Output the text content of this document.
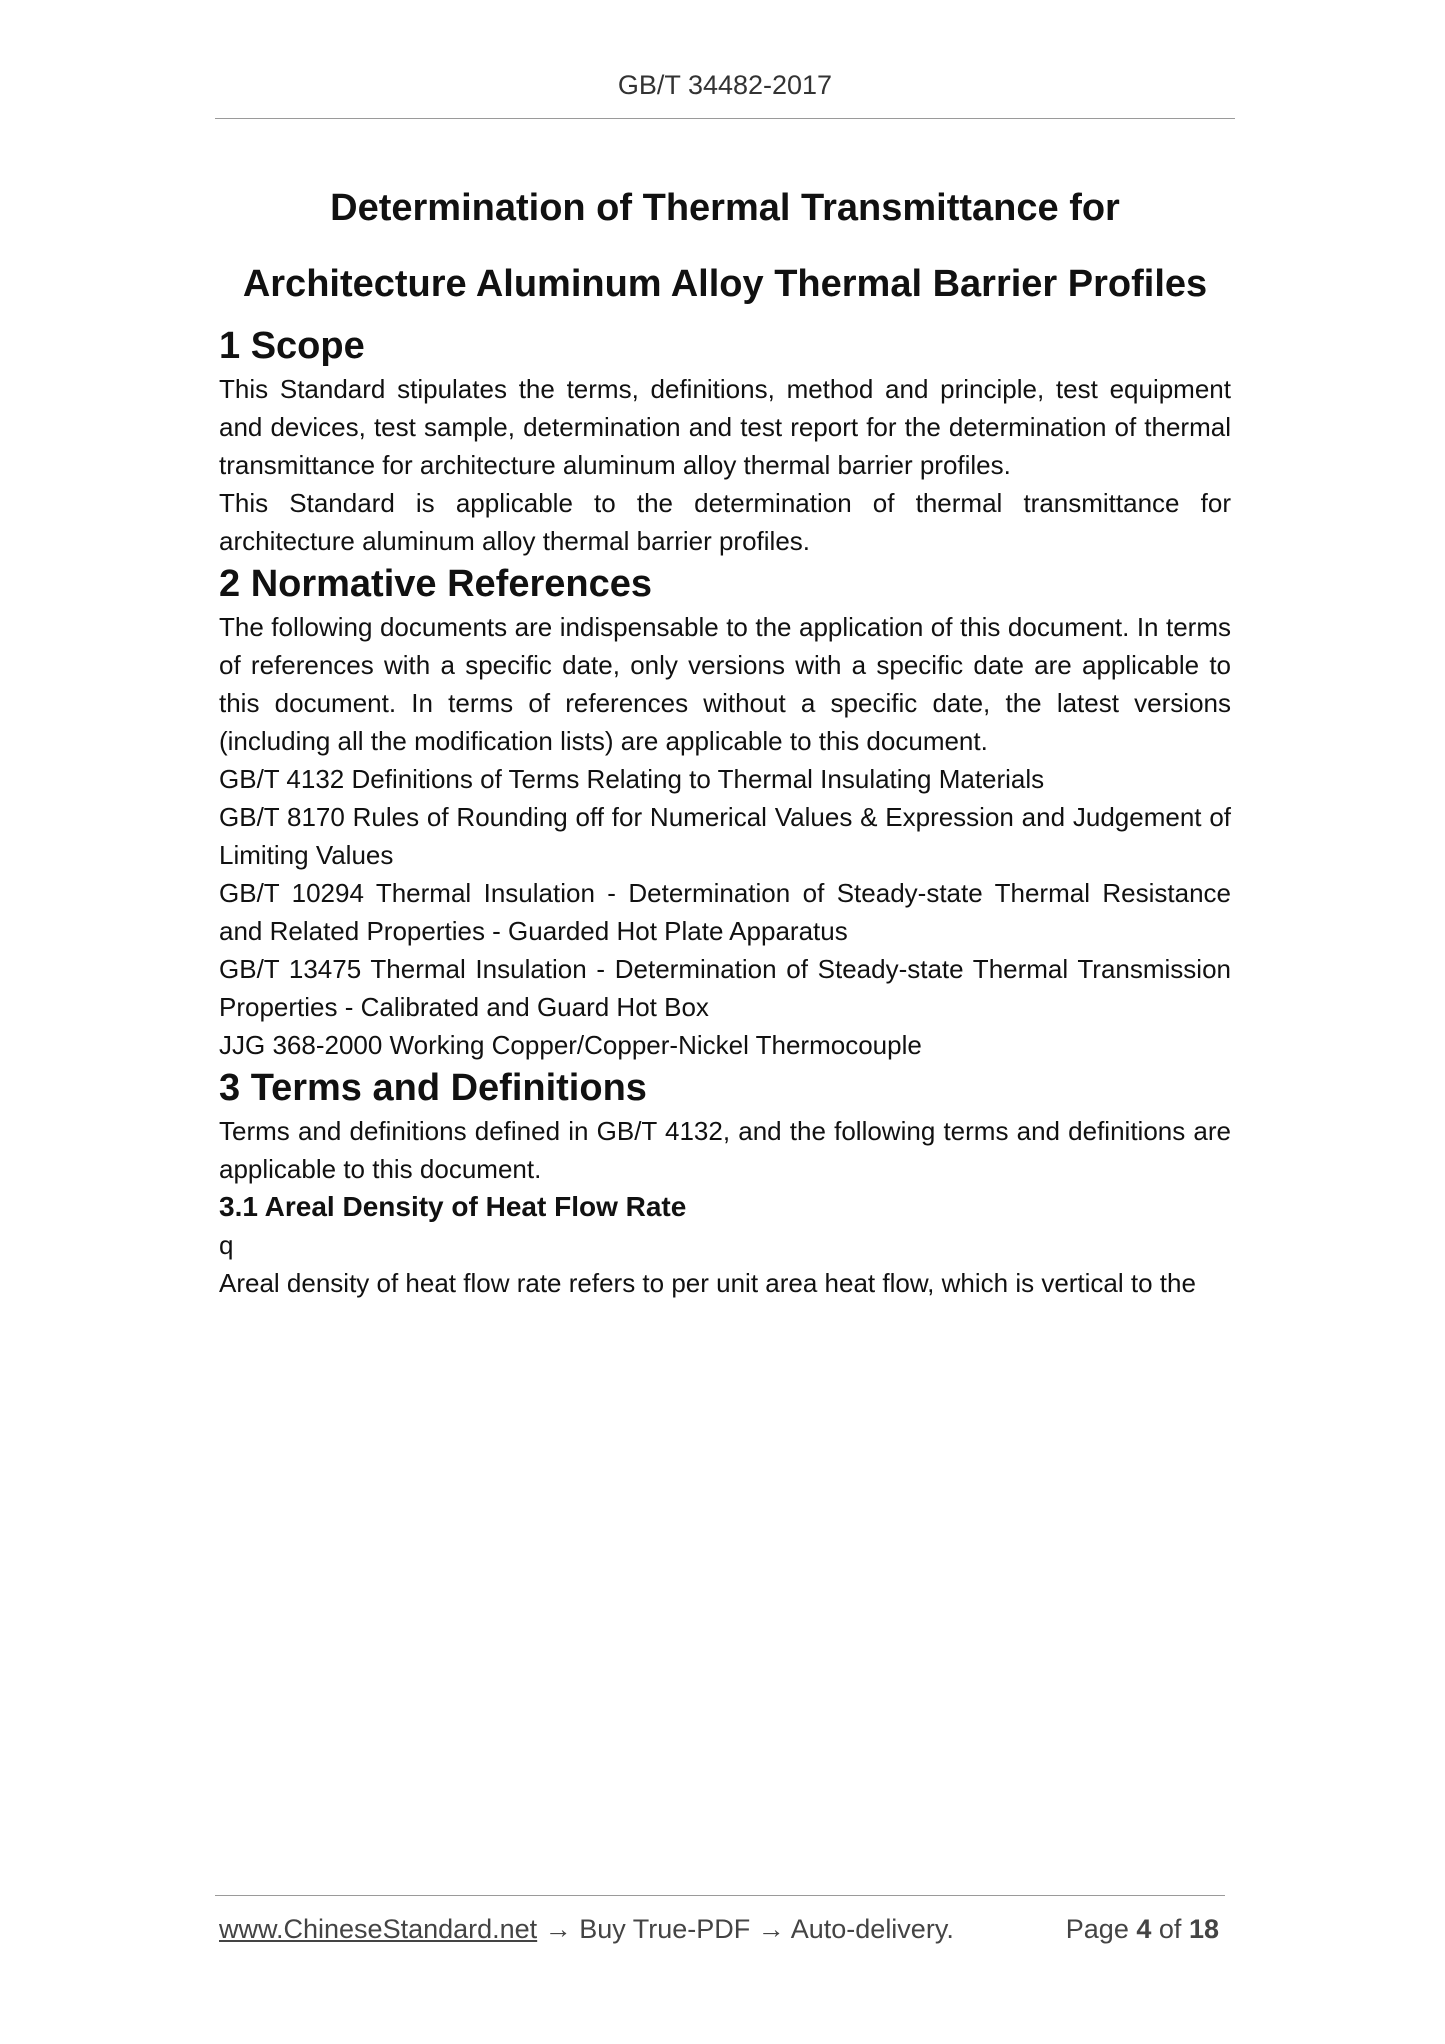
GB/T 34482-2017

Determination of Thermal Transmittance for

Architecture Aluminum Alloy Thermal Barrier Profiles

1 Scope

This Standard stipulates the terms, definitions, method and principle, test equipment and devices, test sample, determination and test report for the determination of thermal transmittance for architecture aluminum alloy thermal barrier profiles.

This Standard is applicable to the determination of thermal transmittance for architecture aluminum alloy thermal barrier profiles.

2 Normative References

The following documents are indispensable to the application of this document. In terms of references with a specific date, only versions with a specific date are applicable to this document. In terms of references without a specific date, the latest versions (including all the modification lists) are applicable to this document.

GB/T 4132 Definitions of Terms Relating to Thermal Insulating Materials

GB/T 8170 Rules of Rounding off for Numerical Values & Expression and Judgement of Limiting Values

GB/T 10294 Thermal Insulation - Determination of Steady-state Thermal Resistance and Related Properties - Guarded Hot Plate Apparatus

GB/T 13475 Thermal Insulation - Determination of Steady-state Thermal Transmission Properties - Calibrated and Guard Hot Box

JJG 368-2000 Working Copper/Copper-Nickel Thermocouple

3 Terms and Definitions

Terms and definitions defined in GB/T 4132, and the following terms and definitions are applicable to this document.

3.1 Areal Density of Heat Flow Rate

q

Areal density of heat flow rate refers to per unit area heat flow, which is vertical to the

www.ChineseStandard.net → Buy True-PDF → Auto-delivery.	Page 4 of 18
